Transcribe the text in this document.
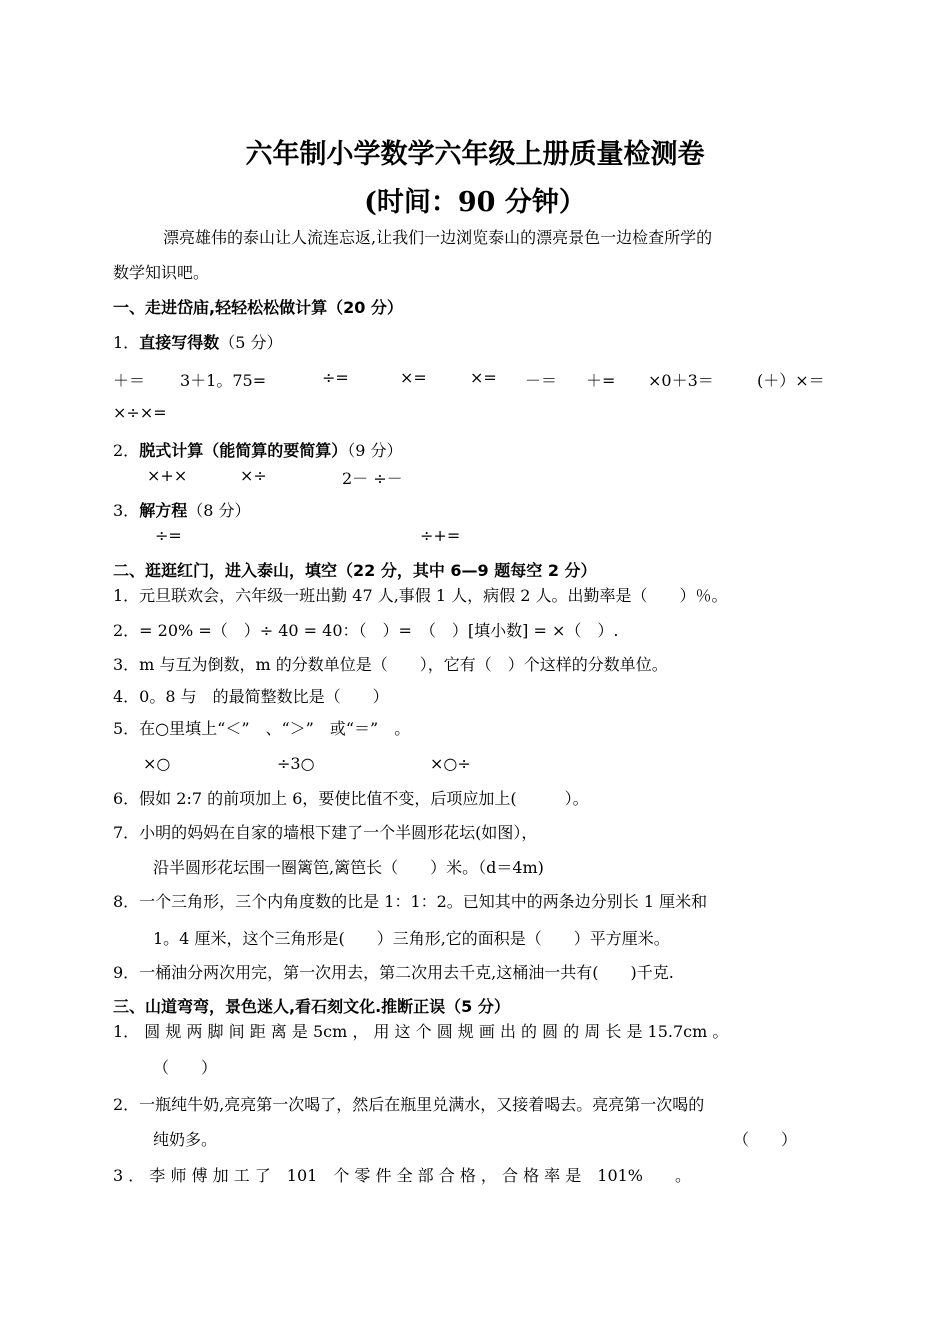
六年制小学数学六年级上册质量检测卷
(时间：90 分钟）
漂亮雄伟的泰山让人流连忘返,让我们一边浏览泰山的漂亮景色一边检查所学的
数学知识吧。
一、走进岱庙,轻轻松松做计算（20 分）
1．直接写得数（5 分）
＋＝ 3＋1。75=	÷=	×=	×= －＝ ＋= ×0＋3＝	(＋）×＝
×÷×=
2．脱式计算（能简算的要简算）（9 分）
×+×	×÷	2－ ÷－
3．解方程（8 分）
÷=	÷+=
二、逛逛红门，进入泰山，填空（22 分，其中 6—9 题每空 2 分）
1．元旦联欢会，六年级一班出勤 47 人,事假 1 人，病假 2 人。出勤率是（　　）％。
2．= 20% =（　）÷ 40 = 40：（　）=　（　）[填小数] = ×（　）.
3．m 与互为倒数，m 的分数单位是（　　），它有（　）个这样的分数单位。
4．0。8 与　的最简整数比是（　　）
5．在○里填上“＜”　、“＞”　或“＝”　。
×○	÷3○	×○÷
6．假如 2:7 的前项加上 6，要使比值不变，后项应加上(　　　）。
7．小明的妈妈在自家的墙根下建了一个半圆形花坛(如图），
沿半圆形花坛围一圈篱笆,篱笆长（　　）米。（d＝4m)
8．一个三角形，三个内角度数的比是 1：1：2。已知其中的两条边分别长 1 厘米和
1。4 厘米，这个三角形是(　　）三角形,它的面积是（　　）平方厘米。
9．一桶油分两次用完，第一次用去，第二次用去千克,这桶油一共有(　　)千克.
三、山道弯弯，景色迷人,看石刻文化.推断正误（5 分）
1． 圆 规 两 脚 间 距 离 是 5cm ， 用 这 个 圆 规 画 出 的 圆 的 周 长 是 15.7cm 。
（　　）
2．一瓶纯牛奶,亮亮第一次喝了，然后在瓶里兑满水，又接着喝去。亮亮第一次喝的
纯奶多。	（　　）
3 ． 李 师 傅 加 工 了　101　个 零 件 全 部 合 格 ， 合 格 率 是　101%　　。
